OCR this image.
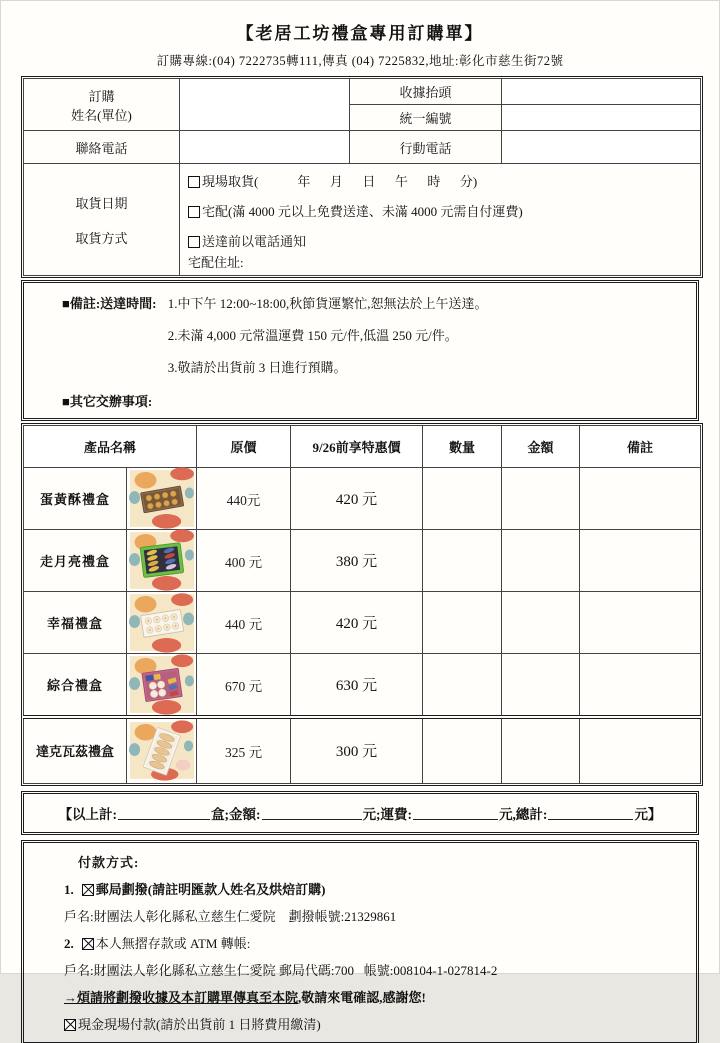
【老居工坊禮盒專用訂購單】
訂購專線:(04) 7222735轉111,傳真 (04) 7225832,地址:彰化市慈生街72號
訂購
姓名(單位)		收據抬頭	
		統一編號	
聯絡電話		行動電話	

取貨日期
取貨方式	
現場取貨(            年      月      日      午      時      分)
宅配(滿 4000 元以上免費送達、未滿 4000 元需自付運費)
送達前以電話通知
宅配住址:
■備註:送達時間: 1.中下午 12:00~18:00,秋節貨運繁忙,恕無法於上午送達。
2.未滿 4,000 元常溫運費 150 元/件,低溫 250 元/件。
3.敬請於出貨前 3 日進行預購。
■其它交辦事項:
產品名稱		原價	9/26前享特惠價	數量	金額	備註
蛋黃酥禮盒		440元	420 元			
走月亮禮盒		400 元	380 元			
幸福禮盒		440 元	420 元			
綜合禮盒		670 元	630 元			
達克瓦茲禮盒		325 元	300 元			
【以上計:	盒;金額:	元;運費:	元,總計:	元】
付款方式:
1. 郵局劃撥(請註明匯款人姓名及烘焙訂購)
戶名:財團法人彰化縣私立慈生仁愛院    劃撥帳號:21329861
2. 本人無摺存款或 ATM 轉帳:
戶名:財團法人彰化縣私立慈生仁愛院 郵局代碼:700   帳號:008104-1-027814-2
→煩請將劃撥收據及本訂購單傳真至本院,敬請來電確認,感謝您!
現金現場付款(請於出貨前 1 日將費用繳清)
